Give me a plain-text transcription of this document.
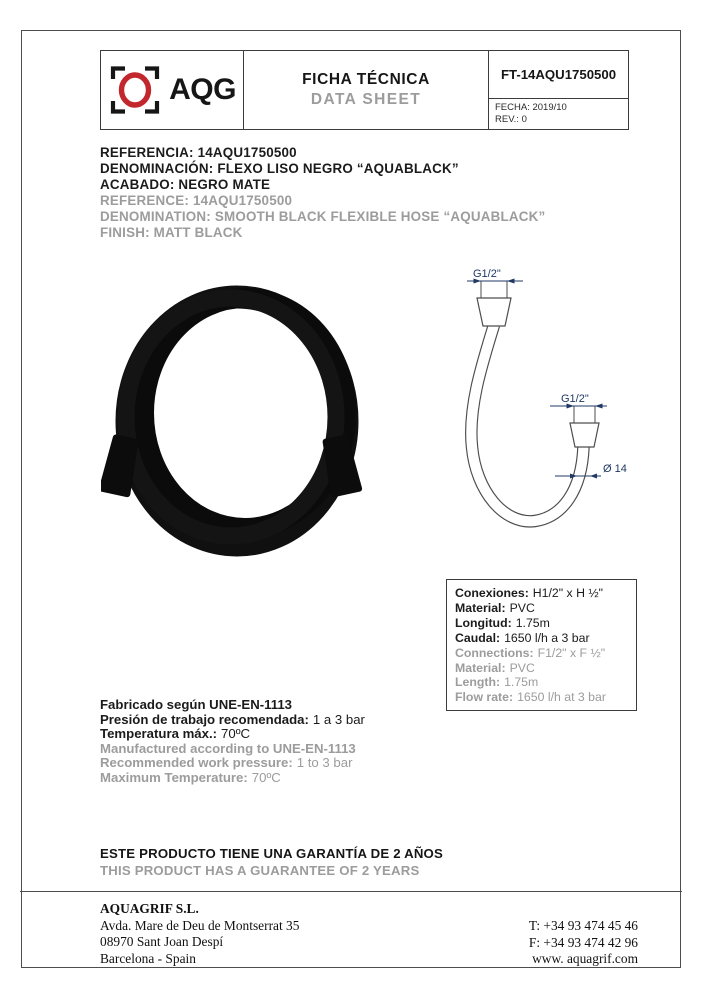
AQG	FICHA TÉCNICA
DATA SHEET
FT-14AQU1750500
FECHA: 2019/10
REV.: 0
REFERENCIA: 14AQU1750500
DENOMINACIÓN: FLEXO LISO NEGRO “AQUABLACK”
ACABADO: NEGRO MATE
REFERENCE: 14AQU1750500
DENOMINATION: SMOOTH BLACK FLEXIBLE HOSE “AQUABLACK”
FINISH: MATT BLACK
G1/2"
G1/2"
Ø 14
Conexiones: H1/2" x H ½"
Material: PVC
Longitud: 1.75m
Caudal: 1650 l/h a 3 bar
Connections: F1/2" x F ½"
Material: PVC
Length: 1.75m
Flow rate: 1650 l/h at 3 bar
Fabricado según UNE-EN-1113
Presión de trabajo recomendada: 1 a 3 bar
Temperatura máx.: 70ºC
Manufactured according to UNE-EN-1113
Recommended work pressure: 1 to 3 bar
Maximum Temperature: 70ºC
ESTE PRODUCTO TIENE UNA GARANTÍA DE 2 AÑOS
THIS PRODUCT HAS A GUARANTEE OF 2 YEARS
AQUAGRIF S.L.
Avda. Mare de Deu de Montserrat 35
08970 Sant Joan Despí
Barcelona - Spain
T: +34 93 474 45 46
F: +34 93 474 42 96
www. aquagrif.com
